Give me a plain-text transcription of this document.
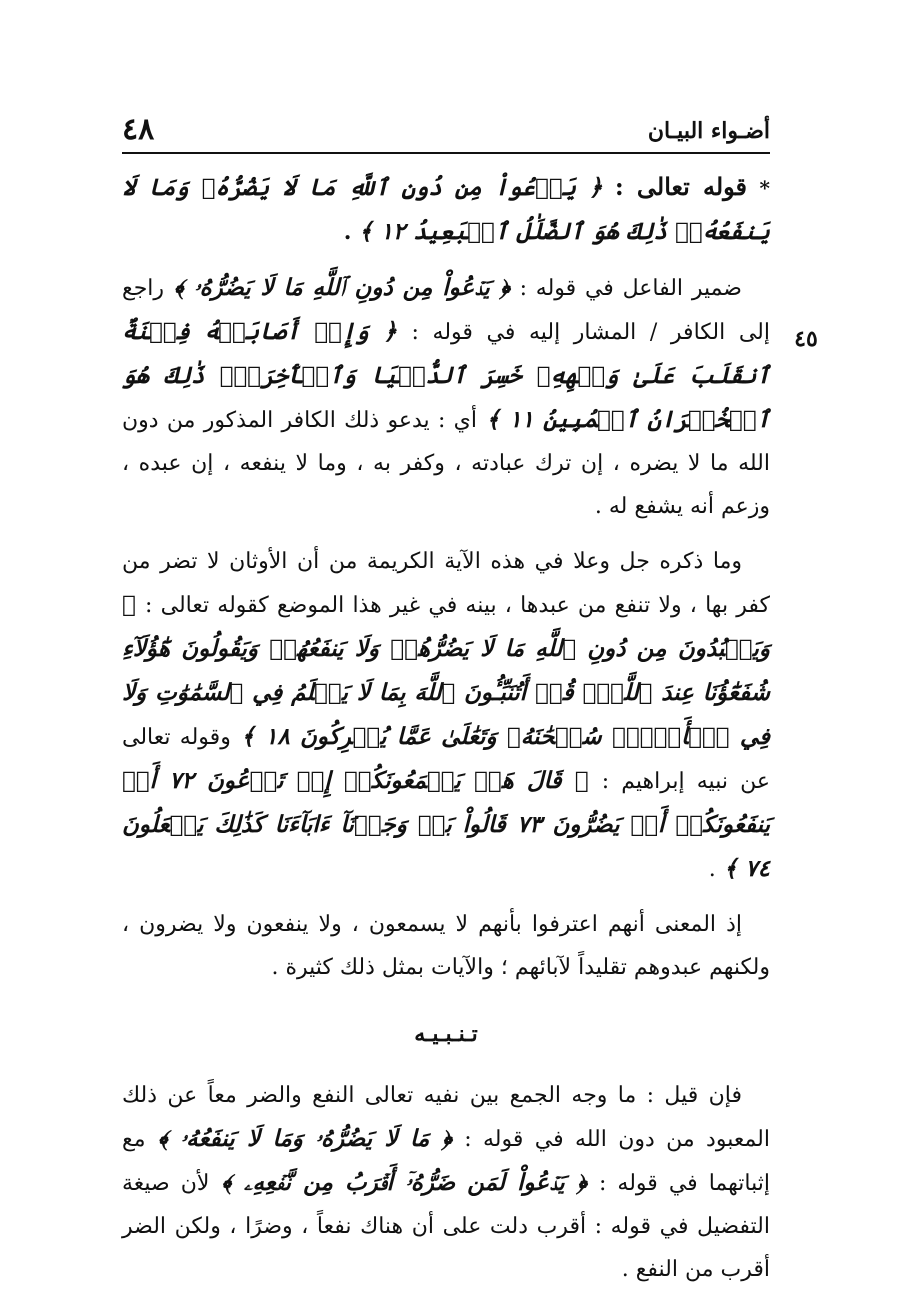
٤٨	أضـواء البيـان
٤٥

* قوله تعالى : ﴿ يَدۡعُواْ مِن دُونِ ٱللَّهِ مَا لَا يَضُرُّهُۥ وَمَا لَا يَنفَعُهُۥۚ ذَٰلِكَ هُوَ ٱلضَّلَٰلُ ٱلۡبَعِيدُ ١٢ ﴾ .

ضمير الفاعل في قوله : ﴿ يَدۡعُواْ مِن دُونِ ٱللَّهِ مَا لَا يَضُرُّهُۥ ﴾ راجع إلى الكافر / المشار إليه في قوله : ﴿ وَإِنۡ أَصَابَتۡهُ فِتۡنَةٌ ٱنقَلَبَ عَلَىٰ وَجۡهِهِۦ خَسِرَ ٱلدُّنۡيَا وَٱلۡأٓخِرَةَۚ ذَٰلِكَ هُوَ ٱلۡخُسۡرَانُ ٱلۡمُبِينُ ١١ ﴾ أي : يدعو ذلك الكافر المذكور من دون الله ما لا يضره ، إن ترك عبادته ، وكفر به ، وما لا ينفعه ، إن عبده ، وزعم أنه يشفع له .

وما ذكره جل وعلا في هذه الآية الكريمة من أن الأوثان لا تضر من كفر بها ، ولا تنفع من عبدها ، بينه في غير هذا الموضع كقوله تعالى : ﴿ وَيَعۡبُدُونَ مِن دُونِ ٱللَّهِ مَا لَا يَضُرُّهُمۡ وَلَا يَنفَعُهُمۡ وَيَقُولُونَ هَٰٓؤُلَآءِ شُفَعَٰٓؤُنَا عِندَ ٱللَّهِۚ قُلۡ أَتُنَبِّـُٔونَ ٱللَّهَ بِمَا لَا يَعۡلَمُ فِي ٱلسَّمَٰوَٰتِ وَلَا فِي ٱلۡأَرۡضِۚ سُبۡحَٰنَهُۥ وَتَعَٰلَىٰ عَمَّا يُشۡرِكُونَ ١٨ ﴾ وقوله تعالى عن نبيه إبراهيم : ﴿ قَالَ هَلۡ يَسۡمَعُونَكُمۡ إِذۡ تَدۡعُونَ ٧٢ أَوۡ يَنفَعُونَكُمۡ أَوۡ يَضُرُّونَ ٧٣ قَالُواْ بَلۡ وَجَدۡنَآ ءَابَآءَنَا كَذَٰلِكَ يَفۡعَلُونَ ٧٤ ﴾ .

إذ المعنى أنهم اعترفوا بأنهم لا يسمعون ، ولا ينفعون ولا يضرون ، ولكنهم عبدوهم تقليداً لآبائهم ؛ والآيات بمثل ذلك كثيرة .

تـنـبـيـه

فإن قيل : ما وجه الجمع بين نفيه تعالى النفع والضر معاً عن ذلك المعبود من دون الله في قوله : ﴿ مَا لَا يَضُرُّهُۥ وَمَا لَا يَنفَعُهُۥ ﴾ مع إثباتهما في قوله : ﴿ يَدۡعُواْ لَمَن ضَرُّهُۥٓ أَقۡرَبُ مِن نَّفۡعِهِۦ ﴾ لأن صيغة التفضيل في قوله : أقرب دلت على أن هناك نفعاً ، وضرًا ، ولكن الضر أقرب من النفع .
